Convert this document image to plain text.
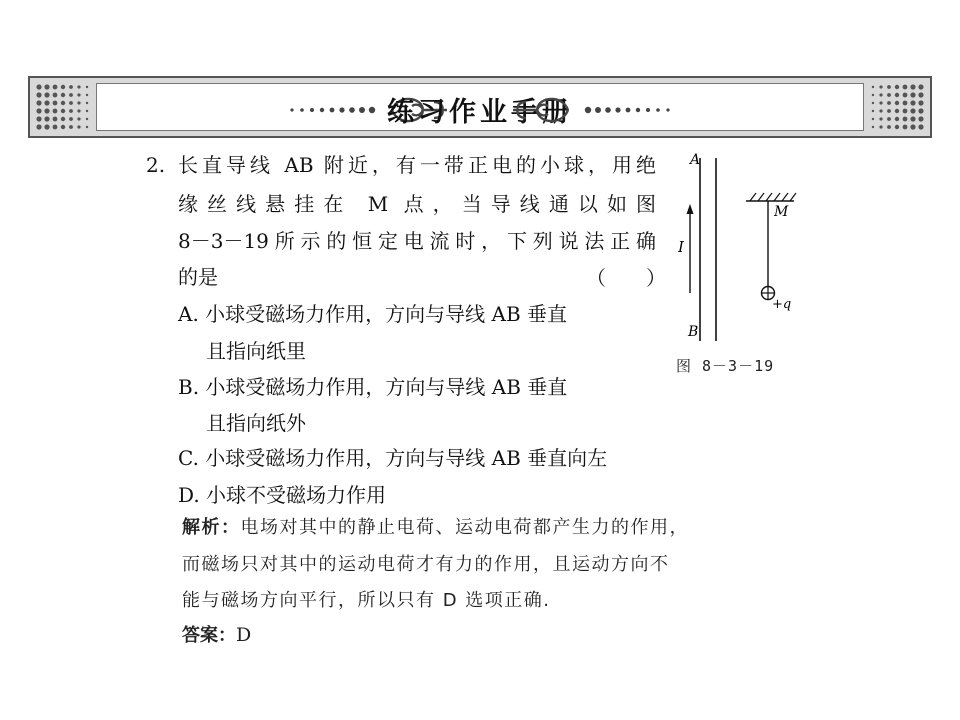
练习作业手册
2. 长直导线 AB 附近，有一带正电的小球，用绝
缘丝线悬挂在 M 点，当导线通以如图
8－3－19所示的恒定电流时，下列说法正确
的是	（　　）
A. 小球受磁场力作用，方向与导线 AB 垂直
且指向纸里
B. 小球受磁场力作用，方向与导线 AB 垂直
且指向纸外
C. 小球受磁场力作用，方向与导线 AB 垂直向左
D. 小球不受磁场力作用
A
B
I
M
+q
图 8－3－19
解析：电场对其中的静止电荷、运动电荷都产生力的作用，
而磁场只对其中的运动电荷才有力的作用，且运动方向不
能与磁场方向平行，所以只有 D 选项正确.
答案：D
